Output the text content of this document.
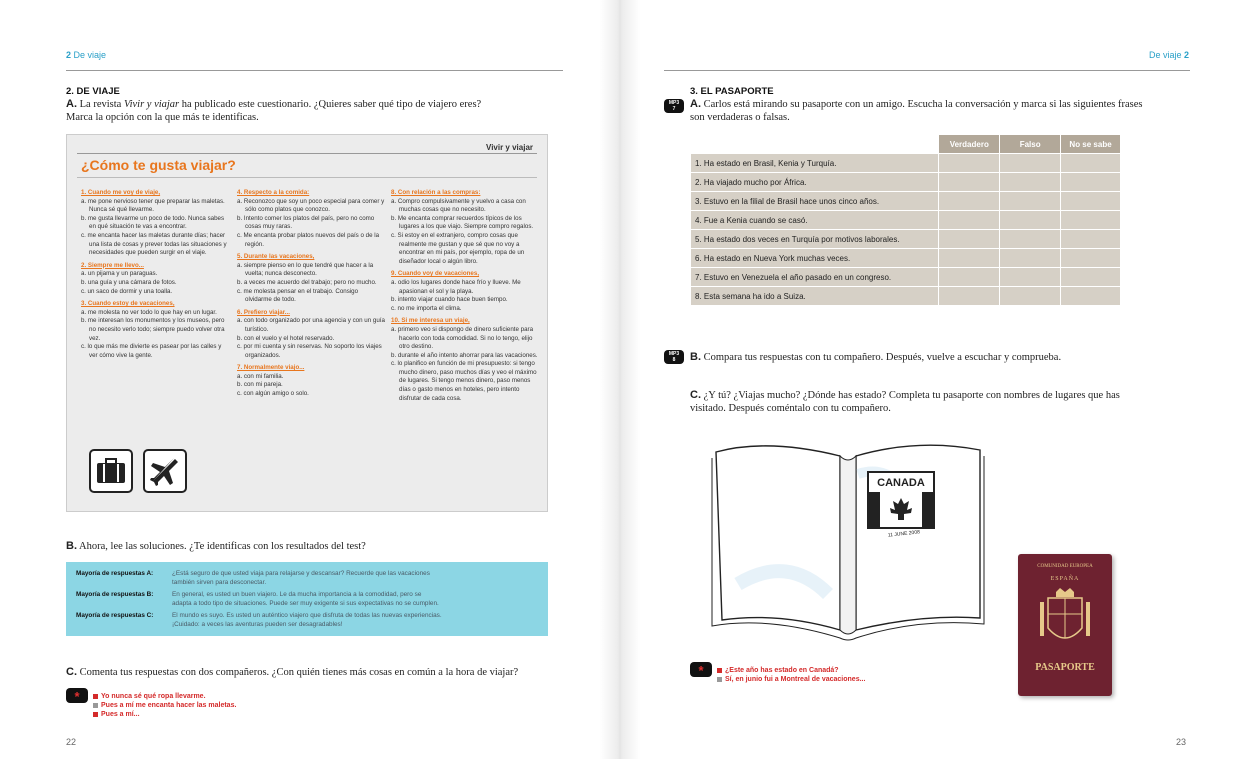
2 De viaje
2. DE VIAJE
A. La revista Vivir y viajar ha publicado este cuestionario. ¿Quieres saber qué tipo de viajero eres?
Marca la opción con la que más te identificas.
Vivir y viajar
¿Cómo te gusta viajar?
1. Cuando me voy de viaje,
a. me pone nervioso tener que preparar las maletas. Nunca sé qué llevarme.
b. me gusta llevarme un poco de todo. Nunca sabes en qué situación te vas a encontrar.
c. me encanta hacer las maletas durante días; hacer una lista de cosas y prever todas las situaciones y necesidades que pueden surgir en el viaje.
2. Siempre me llevo...
a. un pijama y un paraguas.
b. una guía y una cámara de fotos.
c. un saco de dormir y una toalla.
3. Cuando estoy de vacaciones,
a. me molesta no ver todo lo que hay en un lugar.
b. me interesan los monumentos y los museos, pero no necesito verlo todo; siempre puedo volver otra vez.
c. lo que más me divierte es pasear por las calles y ver cómo vive la gente.
4. Respecto a la comida:
a. Reconozco que soy un poco especial para comer y sólo como platos que conozco.
b. Intento comer los platos del país, pero no como cosas muy raras.
c. Me encanta probar platos nuevos del país o de la región.
5. Durante las vacaciones,
a. siempre pienso en lo que tendré que hacer a la vuelta; nunca desconecto.
b. a veces me acuerdo del trabajo; pero no mucho.
c. me molesta pensar en el trabajo. Consigo olvidarme de todo.
6. Prefiero viajar...
a. con todo organizado por una agencia y con un guía turístico.
b. con el vuelo y el hotel reservado.
c. por mi cuenta y sin reservas. No soporto los viajes organizados.
7. Normalmente viajo...
a. con mi familia.
b. con mi pareja.
c. con algún amigo o solo.
8. Con relación a las compras:
a. Compro compulsivamente y vuelvo a casa con muchas cosas que no necesito.
b. Me encanta comprar recuerdos típicos de los lugares a los que viajo. Siempre compro regalos.
c. Si estoy en el extranjero, compro cosas que realmente me gustan y que sé que no voy a encontrar en mi país, por ejemplo, ropa de un diseñador local o algún libro.
9. Cuando voy de vacaciones,
a. odio los lugares donde hace frío y llueve. Me apasionan el sol y la playa.
b. intento viajar cuando hace buen tiempo.
c. no me importa el clima.
10. Si me interesa un viaje,
a. primero veo si dispongo de dinero suficiente para hacerlo con toda comodidad. Si no lo tengo, elijo otro destino.
b. durante el año intento ahorrar para las vacaciones.
c. lo planifico en función de mi presupuesto: si tengo mucho dinero, paso muchos días y veo el máximo de lugares. Si tengo menos dinero, paso menos días o gasto menos en hoteles, pero intento disfrutar de cada cosa.
B. Ahora, lee las soluciones. ¿Te identificas con los resultados del test?
Mayoría de respuestas A:	¿Está seguro de que usted viaja para relajarse y descansar? Recuerde que las vacaciones
también sirven para desconectar.
Mayoría de respuestas B:	En general, es usted un buen viajero. Le da mucha importancia a la comodidad, pero se
adapta a todo tipo de situaciones. Puede ser muy exigente si sus expectativas no se cumplen.
Mayoría de respuestas C:	El mundo es suyo. Es usted un auténtico viajero que disfruta de todas las nuevas experiencias.
¡Cuidado: a veces las aventuras pueden ser desagradables!
C. Comenta tus respuestas con dos compañeros. ¿Con quién tienes más cosas en común a la hora de viajar?
*	Yo nunca sé qué ropa llevarme.
Pues a mí me encanta hacer las maletas.
Pues a mí...
22
De viaje 2
3. EL PASAPORTE
MP3
7	A. Carlos está mirando su pasaporte con un amigo. Escucha la conversación y marca si las siguientes frases
son verdaderas o falsas.
	Verdadero	Falso	No se sabe
1. Ha estado en Brasil, Kenia y Turquía.			
2. Ha viajado mucho por África.			
3. Estuvo en la filial de Brasil hace unos cinco años.			
4. Fue a Kenia cuando se casó.			
5. Ha estado dos veces en Turquía por motivos laborales.			
6. Ha estado en Nueva York muchas veces.			
7. Estuvo en Venezuela el año pasado en un congreso.			
8. Esta semana ha ido a Suiza.			
MP3
8	B. Compara tus respuestas con tu compañero. Después, vuelve a escuchar y comprueba.
C. ¿Y tú? ¿Viajas mucho? ¿Dónde has estado? Completa tu pasaporte con nombres de lugares que has
visitado. Después coméntalo con tu compañero.
CANADA
11 JUNE 2008
COMUNIDAD EUROPEA
ESPAÑA
PASAPORTE
*	¿Este año has estado en Canadá?
Sí, en junio fui a Montreal de vacaciones...
23
